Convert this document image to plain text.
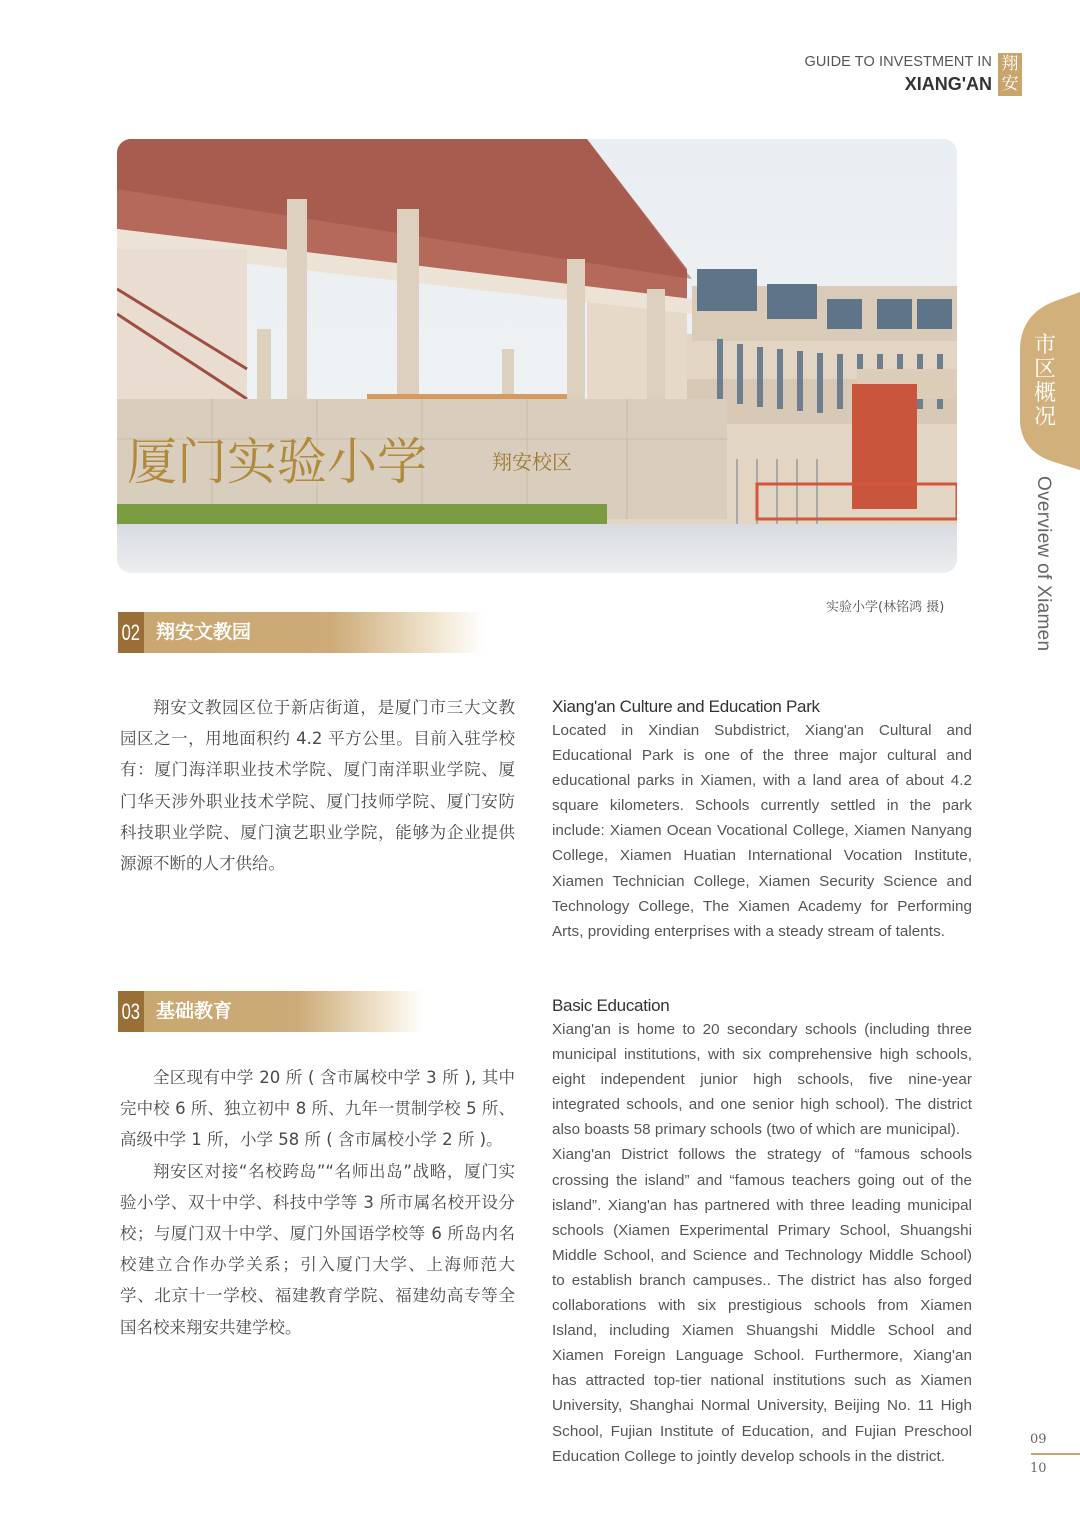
GUIDE TO INVESTMENT IN
XIANG'AN
翔
安
厦门实验小学	翔安校区
实验小学(林铭鸿 摄)
市
区
概
况
Overview of Xiamen
02 翔安文教园

翔安文教园区位于新店街道，是厦门市三大文教园区之一，用地面积约 4.2 平方公里。目前入驻学校有：厦门海洋职业技术学院、厦门南洋职业学院、厦门华天涉外职业技术学院、厦门技师学院、厦门安防科技职业学院、厦门演艺职业学院，能够为企业提供源源不断的人才供给。

Xiang'an Culture and Education Park

Located in Xindian Subdistrict, Xiang'an Cultural and Educational Park is one of the three major cultural and educational parks in Xiamen, with a land area of about 4.2 square kilometers. Schools currently settled in the park include: Xiamen Ocean Vocational College, Xiamen Nanyang College, Xiamen Huatian International Vocation Institute, Xiamen Technician College, Xiamen Security Science and Technology College, The Xiamen Academy for Performing Arts, providing enterprises with a steady stream of talents.

03 基础教育

全区现有中学 20 所 ( 含市属校中学 3 所 ), 其中完中校 6 所、独立初中 8 所、九年一贯制学校 5 所、高级中学 1 所，小学 58 所 ( 含市属校小学 2 所 )。

翔安区对接“名校跨岛”“名师出岛”战略，厦门实验小学、双十中学、科技中学等 3 所市属名校开设分校；与厦门双十中学、厦门外国语学校等 6 所岛内名校建立合作办学关系；引入厦门大学、上海师范大学、北京十一学校、福建教育学院、福建幼高专等全国名校来翔安共建学校。

Basic Education

Xiang'an is home to 20 secondary schools (including three municipal institutions, with six comprehensive high schools, eight independent junior high schools, five nine-year integrated schools, and one senior high school). The district also boasts 58 primary schools (two of which are municipal).

Xiang'an District follows the strategy of “famous schools crossing the island” and “famous teachers going out of the island”. Xiang'an has partnered with three leading municipal schools (Xiamen Experimental Primary School, Shuangshi Middle School, and Science and Technology Middle School) to establish branch campuses.. The district has also forged collaborations with six prestigious schools from Xiamen Island, including Xiamen Shuangshi Middle School and Xiamen Foreign Language School. Furthermore, Xiang'an has attracted top-tier national institutions such as Xiamen University, Shanghai Normal University, Beijing No. 11 High School, Fujian Institute of Education, and Fujian Preschool Education College to jointly develop schools in the district.

09
10
